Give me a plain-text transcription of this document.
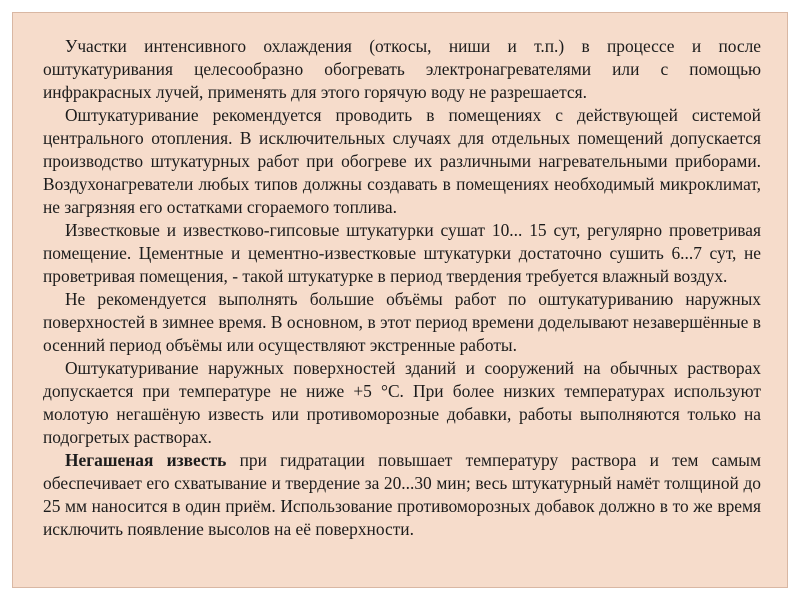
Участки интенсивного охлаждения (откосы, ниши и т.п.) в процессе и после оштукатуривания целесообразно обогревать электронагревателями или с помощью инфракрасных лучей, применять для этого горячую воду не разрешается.

Оштукатуривание рекомендуется проводить в помещениях с действующей системой центрального отопления. В исключительных случаях для отдельных помещений допускается производство штукатурных работ при обогреве их различными нагревательными приборами. Воздухонагреватели любых типов должны создавать в помещениях необходимый микроклимат, не загрязняя его остатками сгораемого топлива.

Известковые и известково-гипсовые штукатурки сушат 10... 15 сут, регулярно проветривая помещение. Цементные и цементно-известковые штукатурки достаточно сушить 6...7 сут, не проветривая помещения, - такой штукатурке в период твердения требуется влажный воздух.

Не рекомендуется выполнять большие объёмы работ по оштукатуриванию наружных поверхностей в зимнее время. В основном, в этот период времени доделывают незавершённые в осенний период объёмы или осуществляют экстренные работы.

Оштукатуривание наружных поверхностей зданий и сооружений на обычных растворах допускается при температуре не ниже +5 °С. При более низких температурах используют молотую негашёную известь или противоморозные добавки, работы выполняются только на подогретых растворах.

Негашеная известь при гидратации повышает температуру раствора и тем самым обеспечивает его схватывание и твердение за 20...30 мин; весь штукатурный намёт толщиной до 25 мм наносится в один приём. Использование противоморозных добавок должно в то же время исключить появление высолов на её поверхности.
